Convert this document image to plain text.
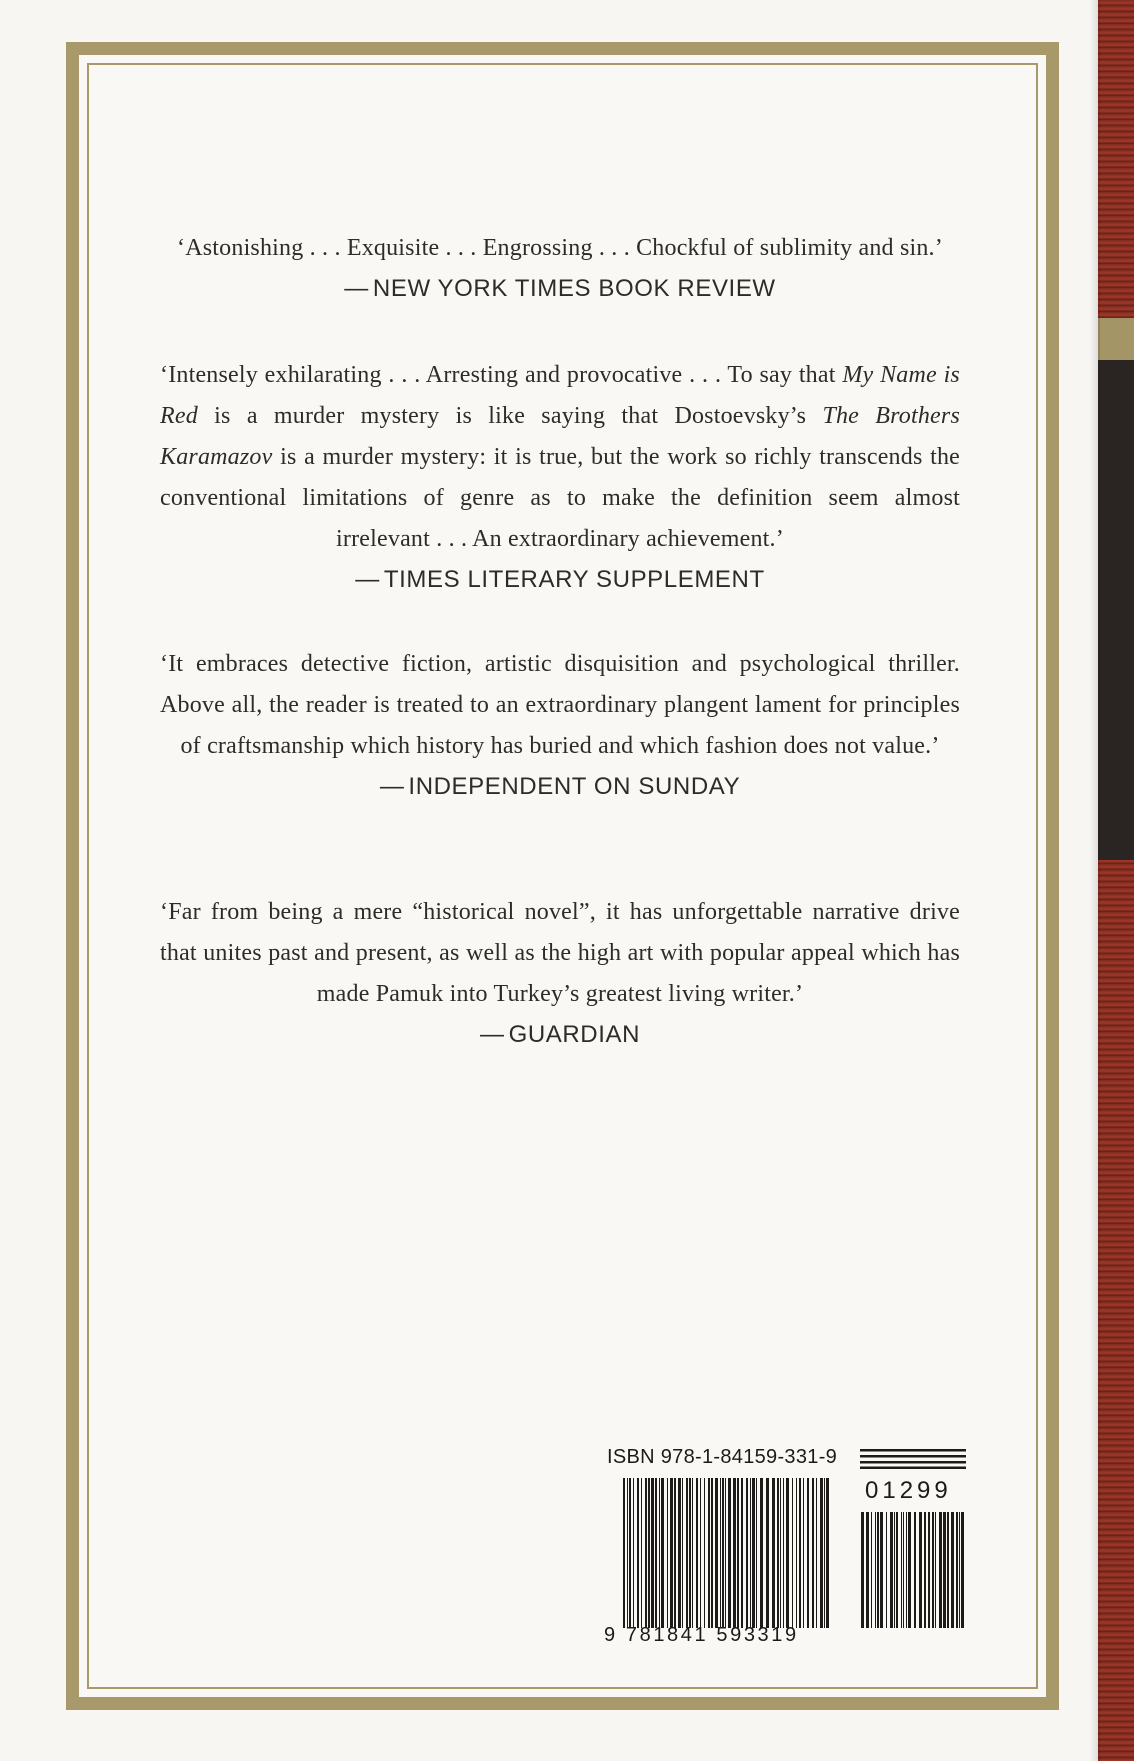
‘Astonishing . . . Exquisite . . . Engrossing . . . Chockful of sublimity and sin.’

— NEW YORK TIMES BOOK REVIEW

‘Intensely exhilarating . . . Arresting and provocative . . . To say that My Name is Red is a murder mystery is like saying that Dostoevsky’s The Brothers Karamazov is a murder mystery: it is true, but the work so richly transcends the conventional limitations of genre as to make the definition seem almost irrelevant . . . An extraordinary achievement.’

— TIMES LITERARY SUPPLEMENT

‘It embraces detective fiction, artistic disquisition and psychological thriller. Above all, the reader is treated to an extraordinary plangent lament for principles of craftsmanship which history has buried and which fashion does not value.’

— INDEPENDENT ON SUNDAY

‘Far from being a mere “historical novel”, it has unforgettable narrative drive that unites past and present, as well as the high art with popular appeal which has made Pamuk into Turkey’s greatest living writer.’

— GUARDIAN
ISBN 978-1-84159-331-9
9 781841 593319
01299
